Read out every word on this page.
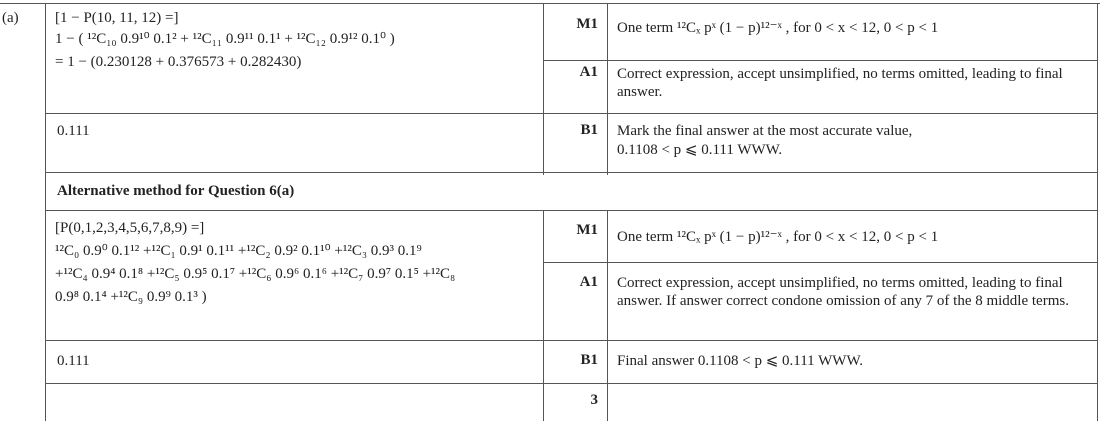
(a) [1 − P(10, 11, 12) =]
1 − ( ¹²C₁₀ 0.9¹⁰ 0.1² + ¹²C₁₁ 0.9¹¹ 0.1¹ + ¹²C₁₂ 0.9¹² 0.1⁰ )
= 1 − (0.230128 + 0.376573 + 0.282430)
0.111
M1 One term ¹²Cₓ pˣ (1 − p)¹²⁻ˣ , for 0 < x < 12, 0 < p < 1
A1 Correct expression, accept unsimplified, no terms omitted, leading to final answer.
B1 Mark the final answer at the most accurate value,
0.1108 < p ⩽ 0.111 WWW.
Alternative method for Question 6(a)
[P(0,1,2,3,4,5,6,7,8,9) =]
¹²C₀ 0.9⁰ 0.1¹² +¹²C₁ 0.9¹ 0.1¹¹ +¹²C₂ 0.9² 0.1¹⁰ +¹²C₃ 0.9³ 0.1⁹
+¹²C₄ 0.9⁴ 0.1⁸ +¹²C₅ 0.9⁵ 0.1⁷ +¹²C₆ 0.9⁶ 0.1⁶ +¹²C₇ 0.9⁷ 0.1⁵ +¹²C₈
0.9⁸ 0.1⁴ +¹²C₉ 0.9⁹ 0.1³ )
0.111
M1 One term ¹²Cₓ pˣ (1 − p)¹²⁻ˣ , for 0 < x < 12, 0 < p < 1
A1 Correct expression, accept unsimplified, no terms omitted, leading to final answer. If answer correct condone omission of any 7 of the 8 middle terms.
B1 Final answer 0.1108 < p ⩽ 0.111 WWW.
3
